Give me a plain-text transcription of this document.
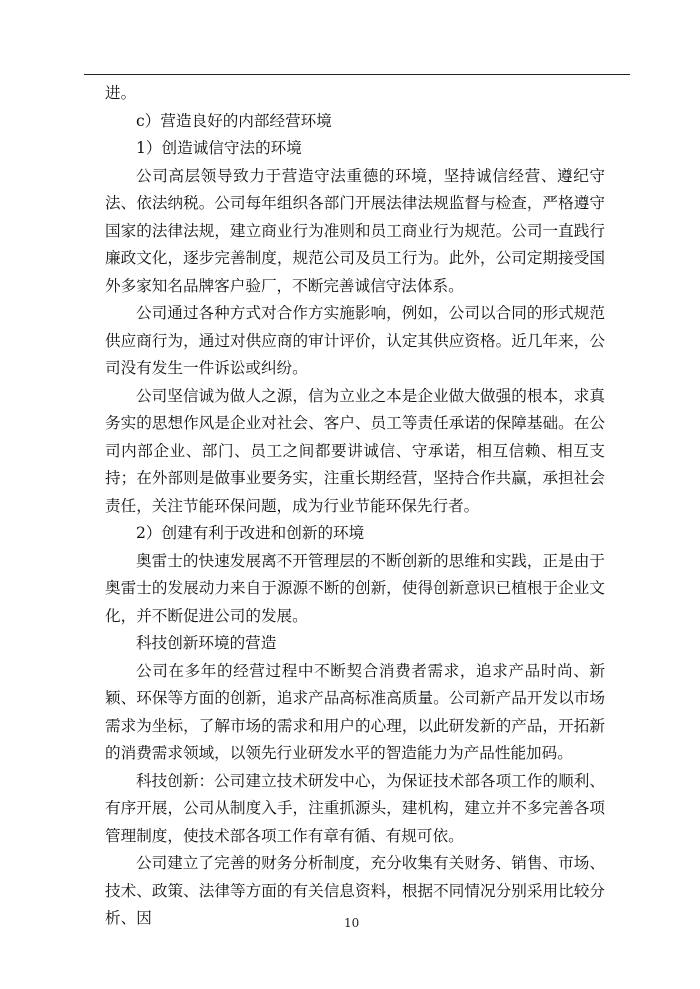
进。

c）营造良好的内部经营环境

1）创造诚信守法的环境

公司高层领导致力于营造守法重德的环境，坚持诚信经营、遵纪守法、依法纳税。公司每年组织各部门开展法律法规监督与检查，严格遵守国家的法律法规，建立商业行为准则和员工商业行为规范。公司一直践行廉政文化，逐步完善制度，规范公司及员工行为。此外，公司定期接受国外多家知名品牌客户验厂，不断完善诚信守法体系。

公司通过各种方式对合作方实施影响，例如，公司以合同的形式规范供应商行为，通过对供应商的审计评价，认定其供应资格。近几年来，公司没有发生一件诉讼或纠纷。

公司坚信诚为做人之源，信为立业之本是企业做大做强的根本，求真务实的思想作风是企业对社会、客户、员工等责任承诺的保障基础。在公司内部企业、部门、员工之间都要讲诚信、守承诺，相互信赖、相互支持；在外部则是做事业要务实，注重长期经营，坚持合作共赢，承担社会责任，关注节能环保问题，成为行业节能环保先行者。

2）创建有利于改进和创新的环境

奥雷士的快速发展离不开管理层的不断创新的思维和实践，正是由于奥雷士的发展动力来自于源源不断的创新，使得创新意识已植根于企业文化，并不断促进公司的发展。

科技创新环境的营造

公司在多年的经营过程中不断契合消费者需求，追求产品时尚、新颖、环保等方面的创新，追求产品高标准高质量。公司新产品开发以市场需求为坐标，了解市场的需求和用户的心理，以此研发新的产品，开拓新的消费需求领域，以领先行业研发水平的智造能力为产品性能加码。

科技创新：公司建立技术研发中心，为保证技术部各项工作的顺利、有序开展，公司从制度入手，注重抓源头，建机构，建立并不多完善各项管理制度，使技术部各项工作有章有循、有规可依。

公司建立了完善的财务分析制度，充分收集有关财务、销售、市场、技术、政策、法律等方面的有关信息资料，根据不同情况分别采用比较分析、因	10
